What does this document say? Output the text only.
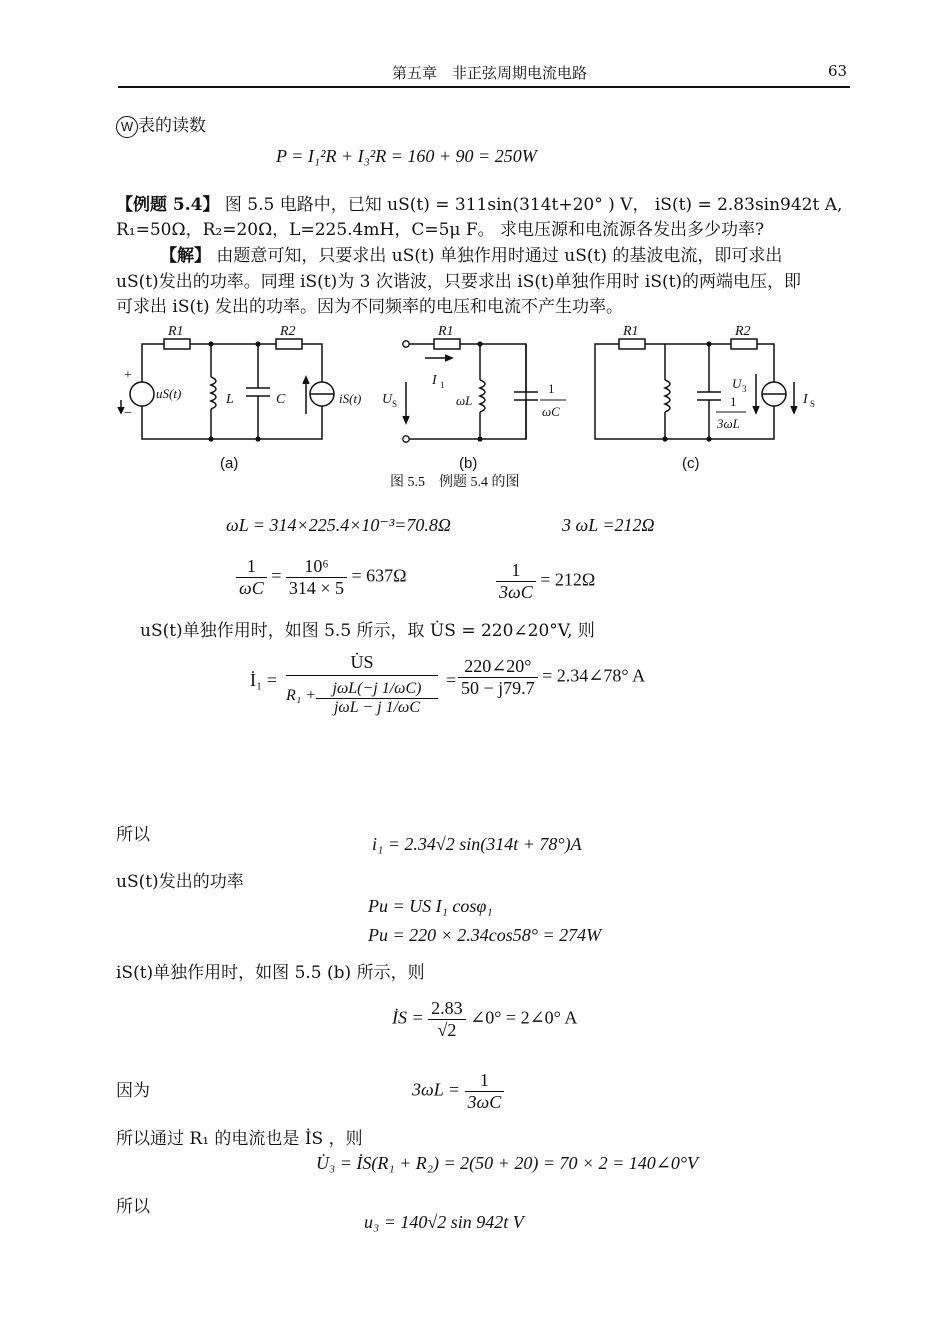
第五章　非正弦周期电流电路	63
W 表的读数
P = I₁²R + I₃²R = 160 + 90 = 250W
【例题 5.4】 图 5.5 电路中，已知 uS(t) = 311sin(314t+20° ) V， iS(t) = 2.83sin942t A,
R₁=50Ω，R₂=20Ω，L=225.4mH，C=5μ F。 求电压源和电流源各发出多少功率?
【解】 由题意可知，只要求出 uS(t) 单独作用时通过 uS(t) 的基波电流，即可求出
uS(t)发出的功率。同理 iS(t)为 3 次谐波，只要求出 iS(t)单独作用时 iS(t)的两端电压，即
可求出 iS(t) 发出的功率。因为不同频率的电压和电流不产生功率。
R1	R2
L	C
uS(t)	iS(t)
R1
I 1
U S	ωL
1
ωC
R1	R2
U 3
1
3ωL
I S
+
−
(a)	(b)	(c)
图 5.5　例题 5.4 的图
ωL = 314×225.4×10⁻³=70.8Ω	3 ωL =212Ω
$\frac{1}{\omega C} = \frac{\text{10⁶}}{314 \times 5} = 637\Omega$	$\frac{1}{3\omega C} = 212\Omega$
uS(t)单独作用时，如图 5.5 所示，取 U̇S = 220∠20°V, 则
İ₁ =
U̇S
jωL(−j 1/ωC)
jωL − j 1/ωC
R₁ +
= $\frac{220\angle 20^\circ}{50 - j79.7}$ = 2.34∠78° A
所以	i₁ = 2.34√2 sin(314t + 78°)A
uS(t)发出的功率
Pu = US I₁ cosφ₁
Pu = 220 × 2.34cos58° = 274W
iS(t)单独作用时，如图 5.5 (b) 所示，则
İS = $\frac{2.83}{√2}$ ∠0° = 2∠0° A
因为	$3\omega L = \frac{1}{3\omega C}$
所以通过 R₁ 的电流也是 İS ，则
U̇₃ = İS(R₁ + R₂) = 2(50 + 20) = 70 × 2 = 140∠0°V
所以
u₃ = 140√2 sin 942t V
